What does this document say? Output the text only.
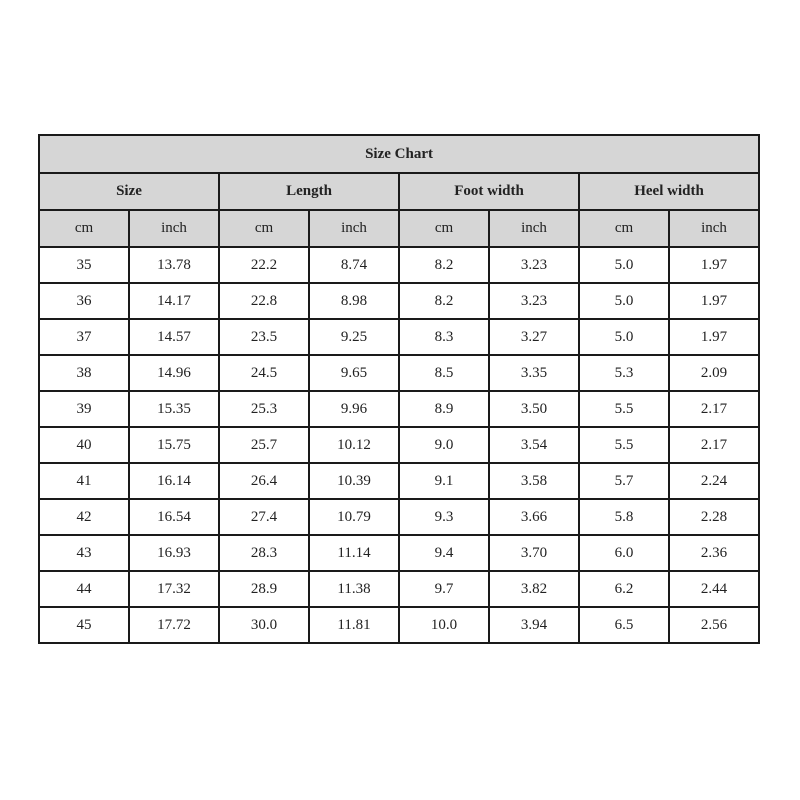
Size Chart							
Size		Length		Foot width		Heel width	
cm	inch	cm	inch	cm	inch	cm	inch
35	13.78	22.2	8.74	8.2	3.23	5.0	1.97
36	14.17	22.8	8.98	8.2	3.23	5.0	1.97
37	14.57	23.5	9.25	8.3	3.27	5.0	1.97
38	14.96	24.5	9.65	8.5	3.35	5.3	2.09
39	15.35	25.3	9.96	8.9	3.50	5.5	2.17
40	15.75	25.7	10.12	9.0	3.54	5.5	2.17
41	16.14	26.4	10.39	9.1	3.58	5.7	2.24
42	16.54	27.4	10.79	9.3	3.66	5.8	2.28
43	16.93	28.3	11.14	9.4	3.70	6.0	2.36
44	17.32	28.9	11.38	9.7	3.82	6.2	2.44
45	17.72	30.0	11.81	10.0	3.94	6.5	2.56
